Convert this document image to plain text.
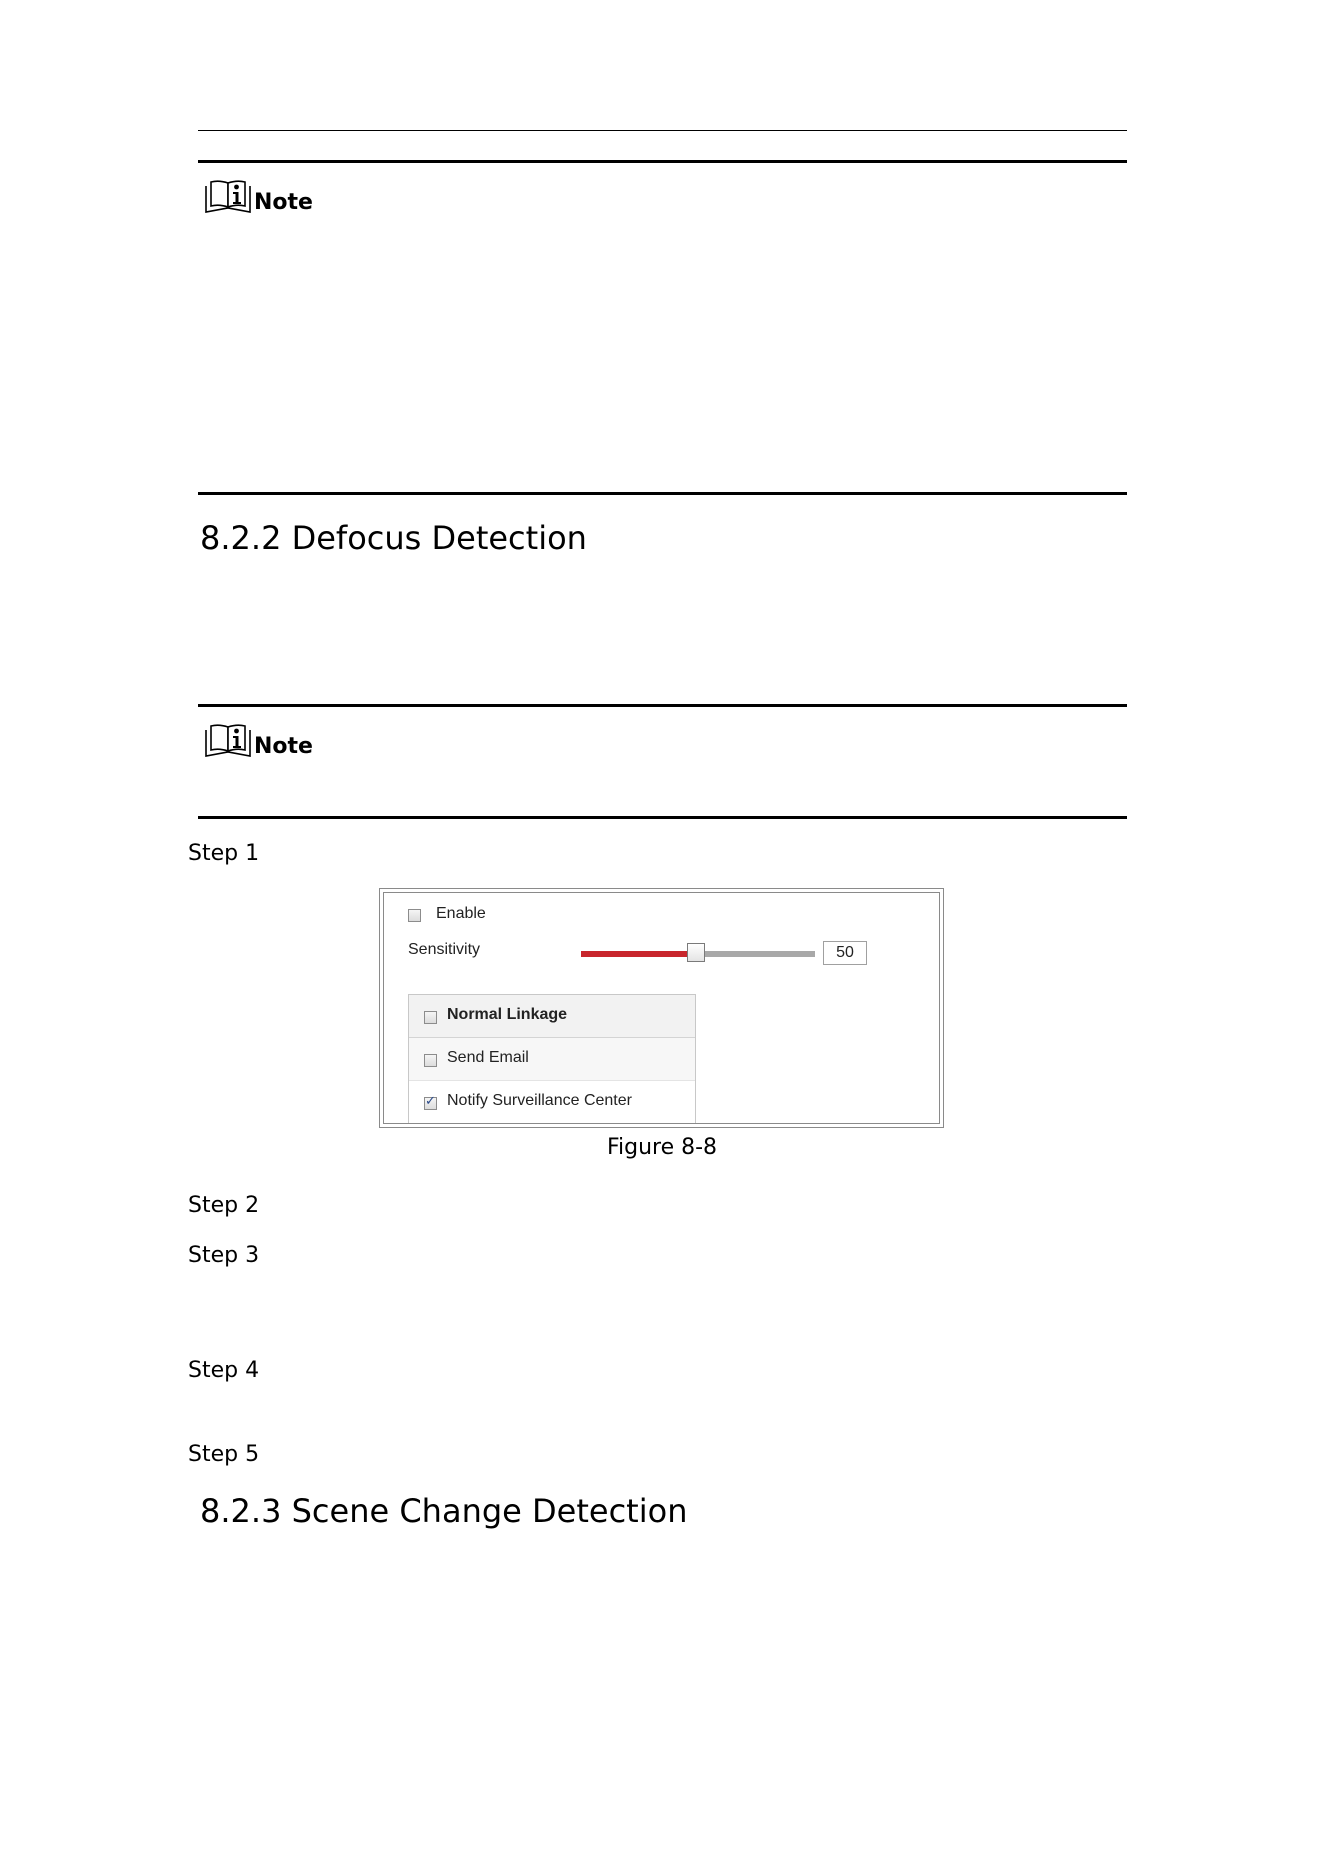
Note
8.2.2 Defocus Detection
Note
Step 1
Enable
Sensitivity	50
Normal Linkage
Send Email
✓
Notify Surveillance Center
Figure 8-8
Step 2
Step 3
Step 4
Step 5
8.2.3 Scene Change Detection
